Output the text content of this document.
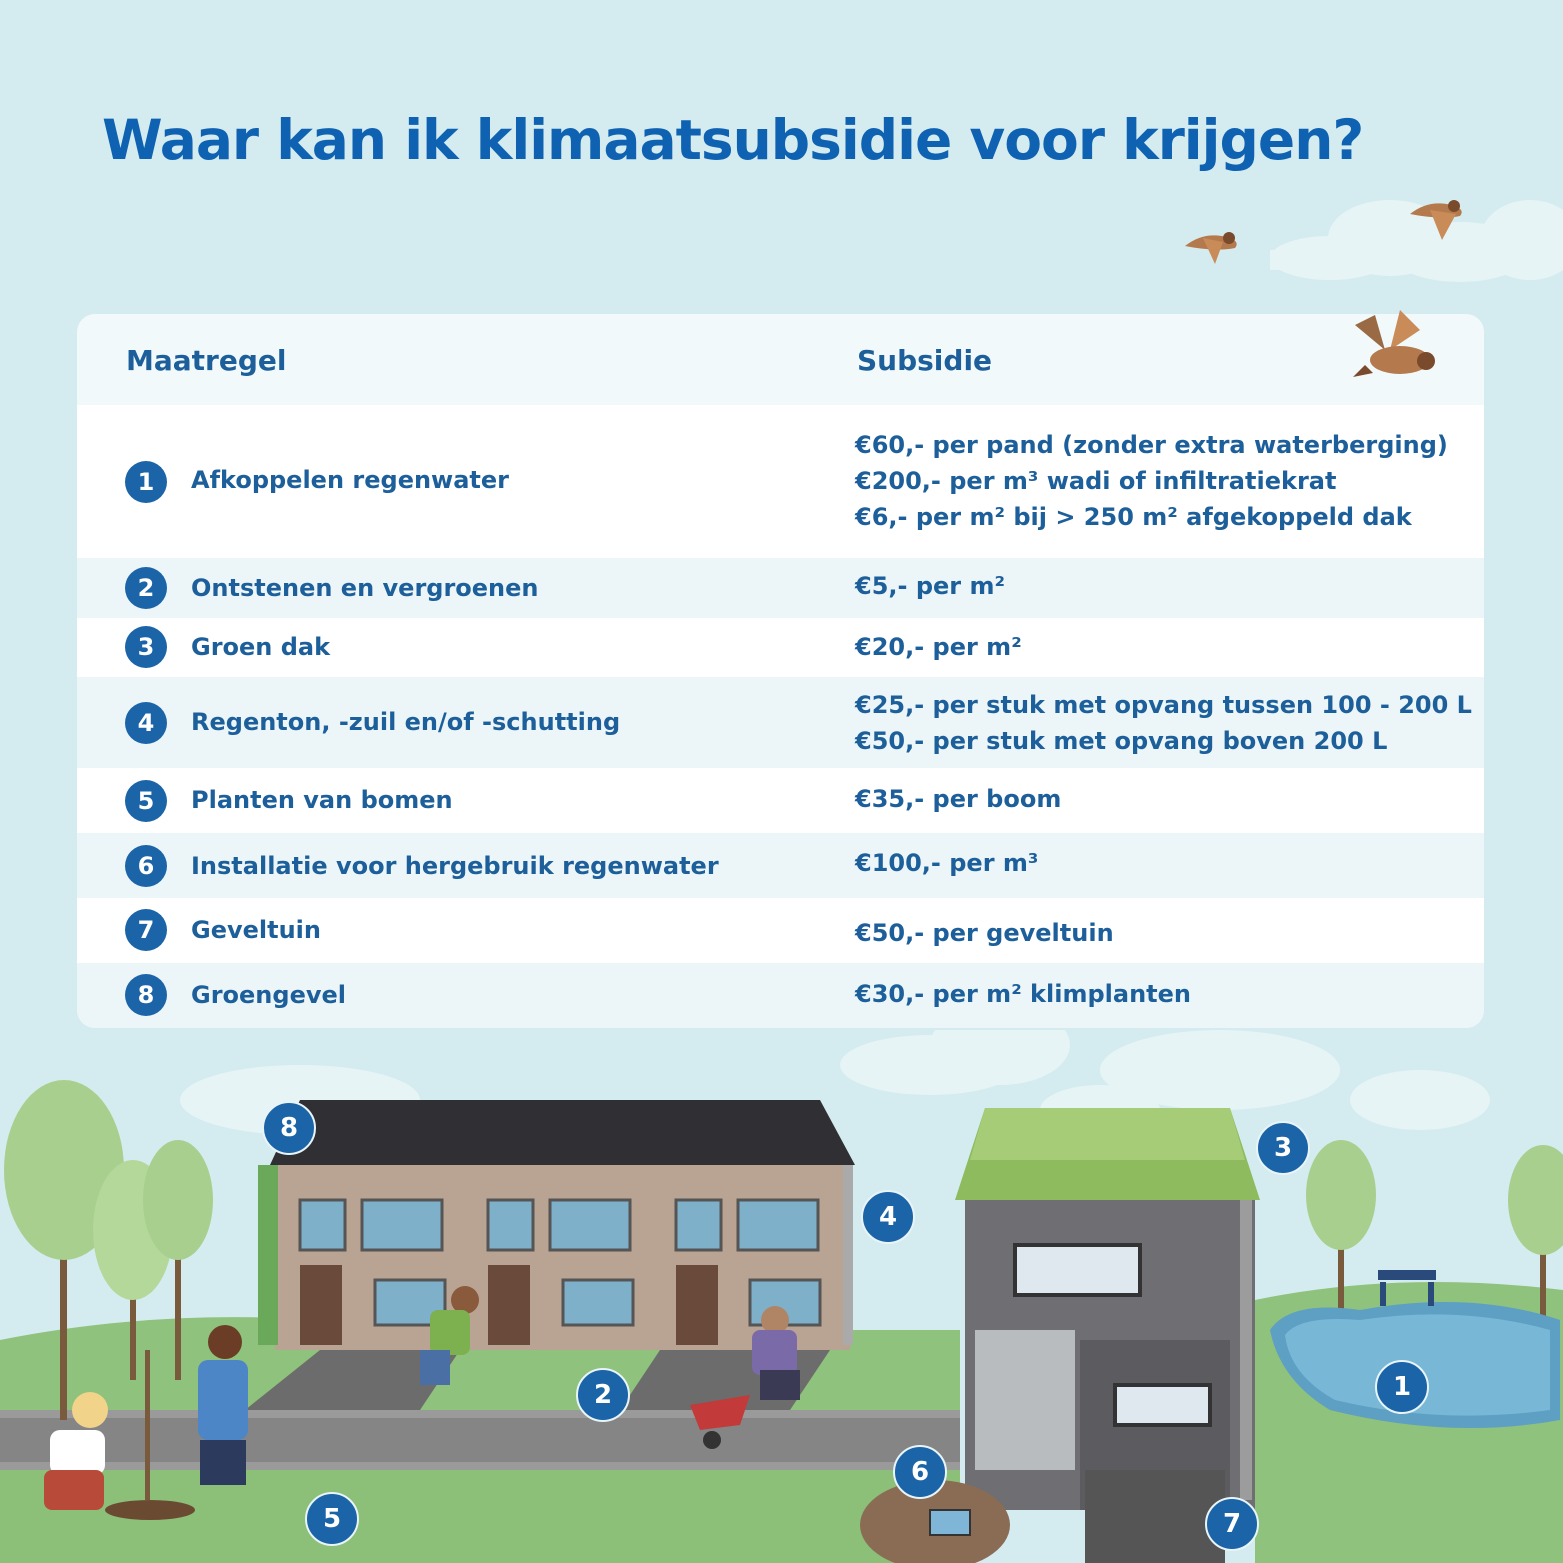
Waar kan ik klimaatsubsidie voor krijgen?
Maatregel	Subsidie
1	Afkoppelen regenwater
€60,- per pand (zonder extra waterberging)
€200,- per m³ wadi of infiltratiekrat
€6,- per m² bij > 250 m² afgekoppeld dak
2	Ontstenen en vergroenen	€5,- per m²
3	Groen dak	€20,- per m²
4	Regenton, -zuil en/of -schutting
€25,- per stuk met opvang tussen 100 - 200 L
€50,- per stuk met opvang boven 200 L
5	Planten van bomen	€35,- per boom
6	Installatie voor hergebruik regenwater	€100,- per m³
7	Geveltuin	€50,- per geveltuin
8	Groengevel	€30,- per m² klimplanten
1
2
3
4
5
6
7
8
